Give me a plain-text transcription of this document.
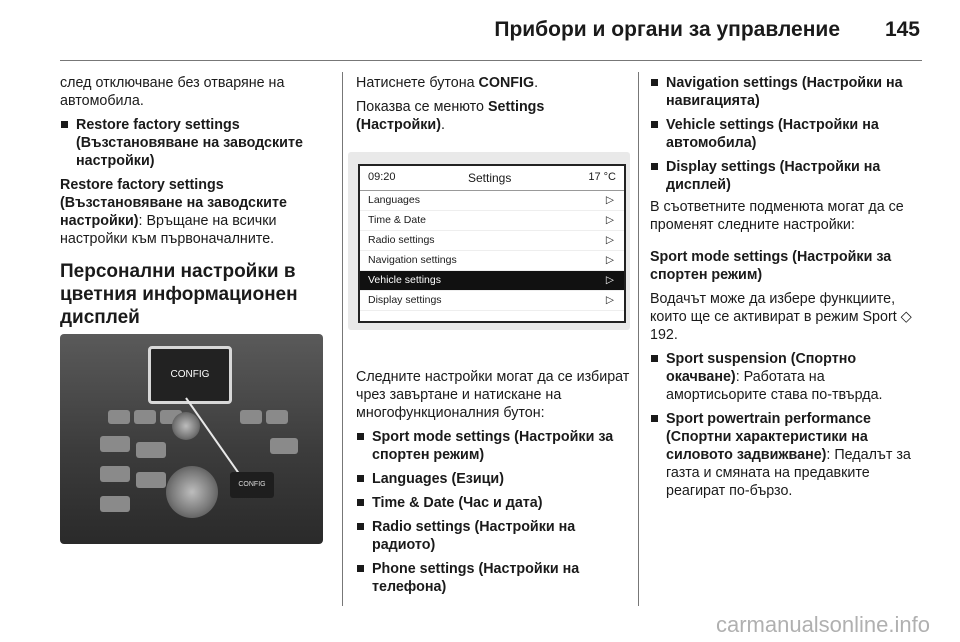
Прибори и органи за управление 145

след отключване без отваряне на автомобила.

Restore factory settings (Възстановяване на заводските настройки)

Restore factory settings (Възстановяване на заводските настройки): Връщане на всички настройки към първоначалните.

Персонални настройки в цветния информационен дисплей
CONFIG
CONFIG

Натиснете бутона CONFIG.

Показва се менюто Settings (Настройки).

09:20	Settings	17 °C
Languages	▷
Time & Date	▷
Radio settings	▷
Navigation settings	▷
Vehicle settings	▷
Display settings	▷

Следните настройки могат да се избират чрез завъртане и натискане на многофункционалния бутон:

Sport mode settings (Настройки за спортен режим)
Languages (Езици)
Time & Date (Час и дата)
Radio settings (Настройки на радиото)
Phone settings (Настройки на телефона)
Navigation settings (Настройки на навигацията)
Vehicle settings (Настройки на автомобила)
Display settings (Настройки на дисплей)

В съответните подменюта могат да се променят следните настройки:

Sport mode settings (Настройки за спортен режим)

Водачът може да избере функциите, които ще се активират в режим Sport ◇ 192.

Sport suspension (Спортно окачване): Работата на амортисьорите става по-твърда.
Sport powertrain performance (Спортни характеристики на силовото задвижване): Педалът за газта и смяната на предавките реагират по-бързо.
carmanualsonline.info
